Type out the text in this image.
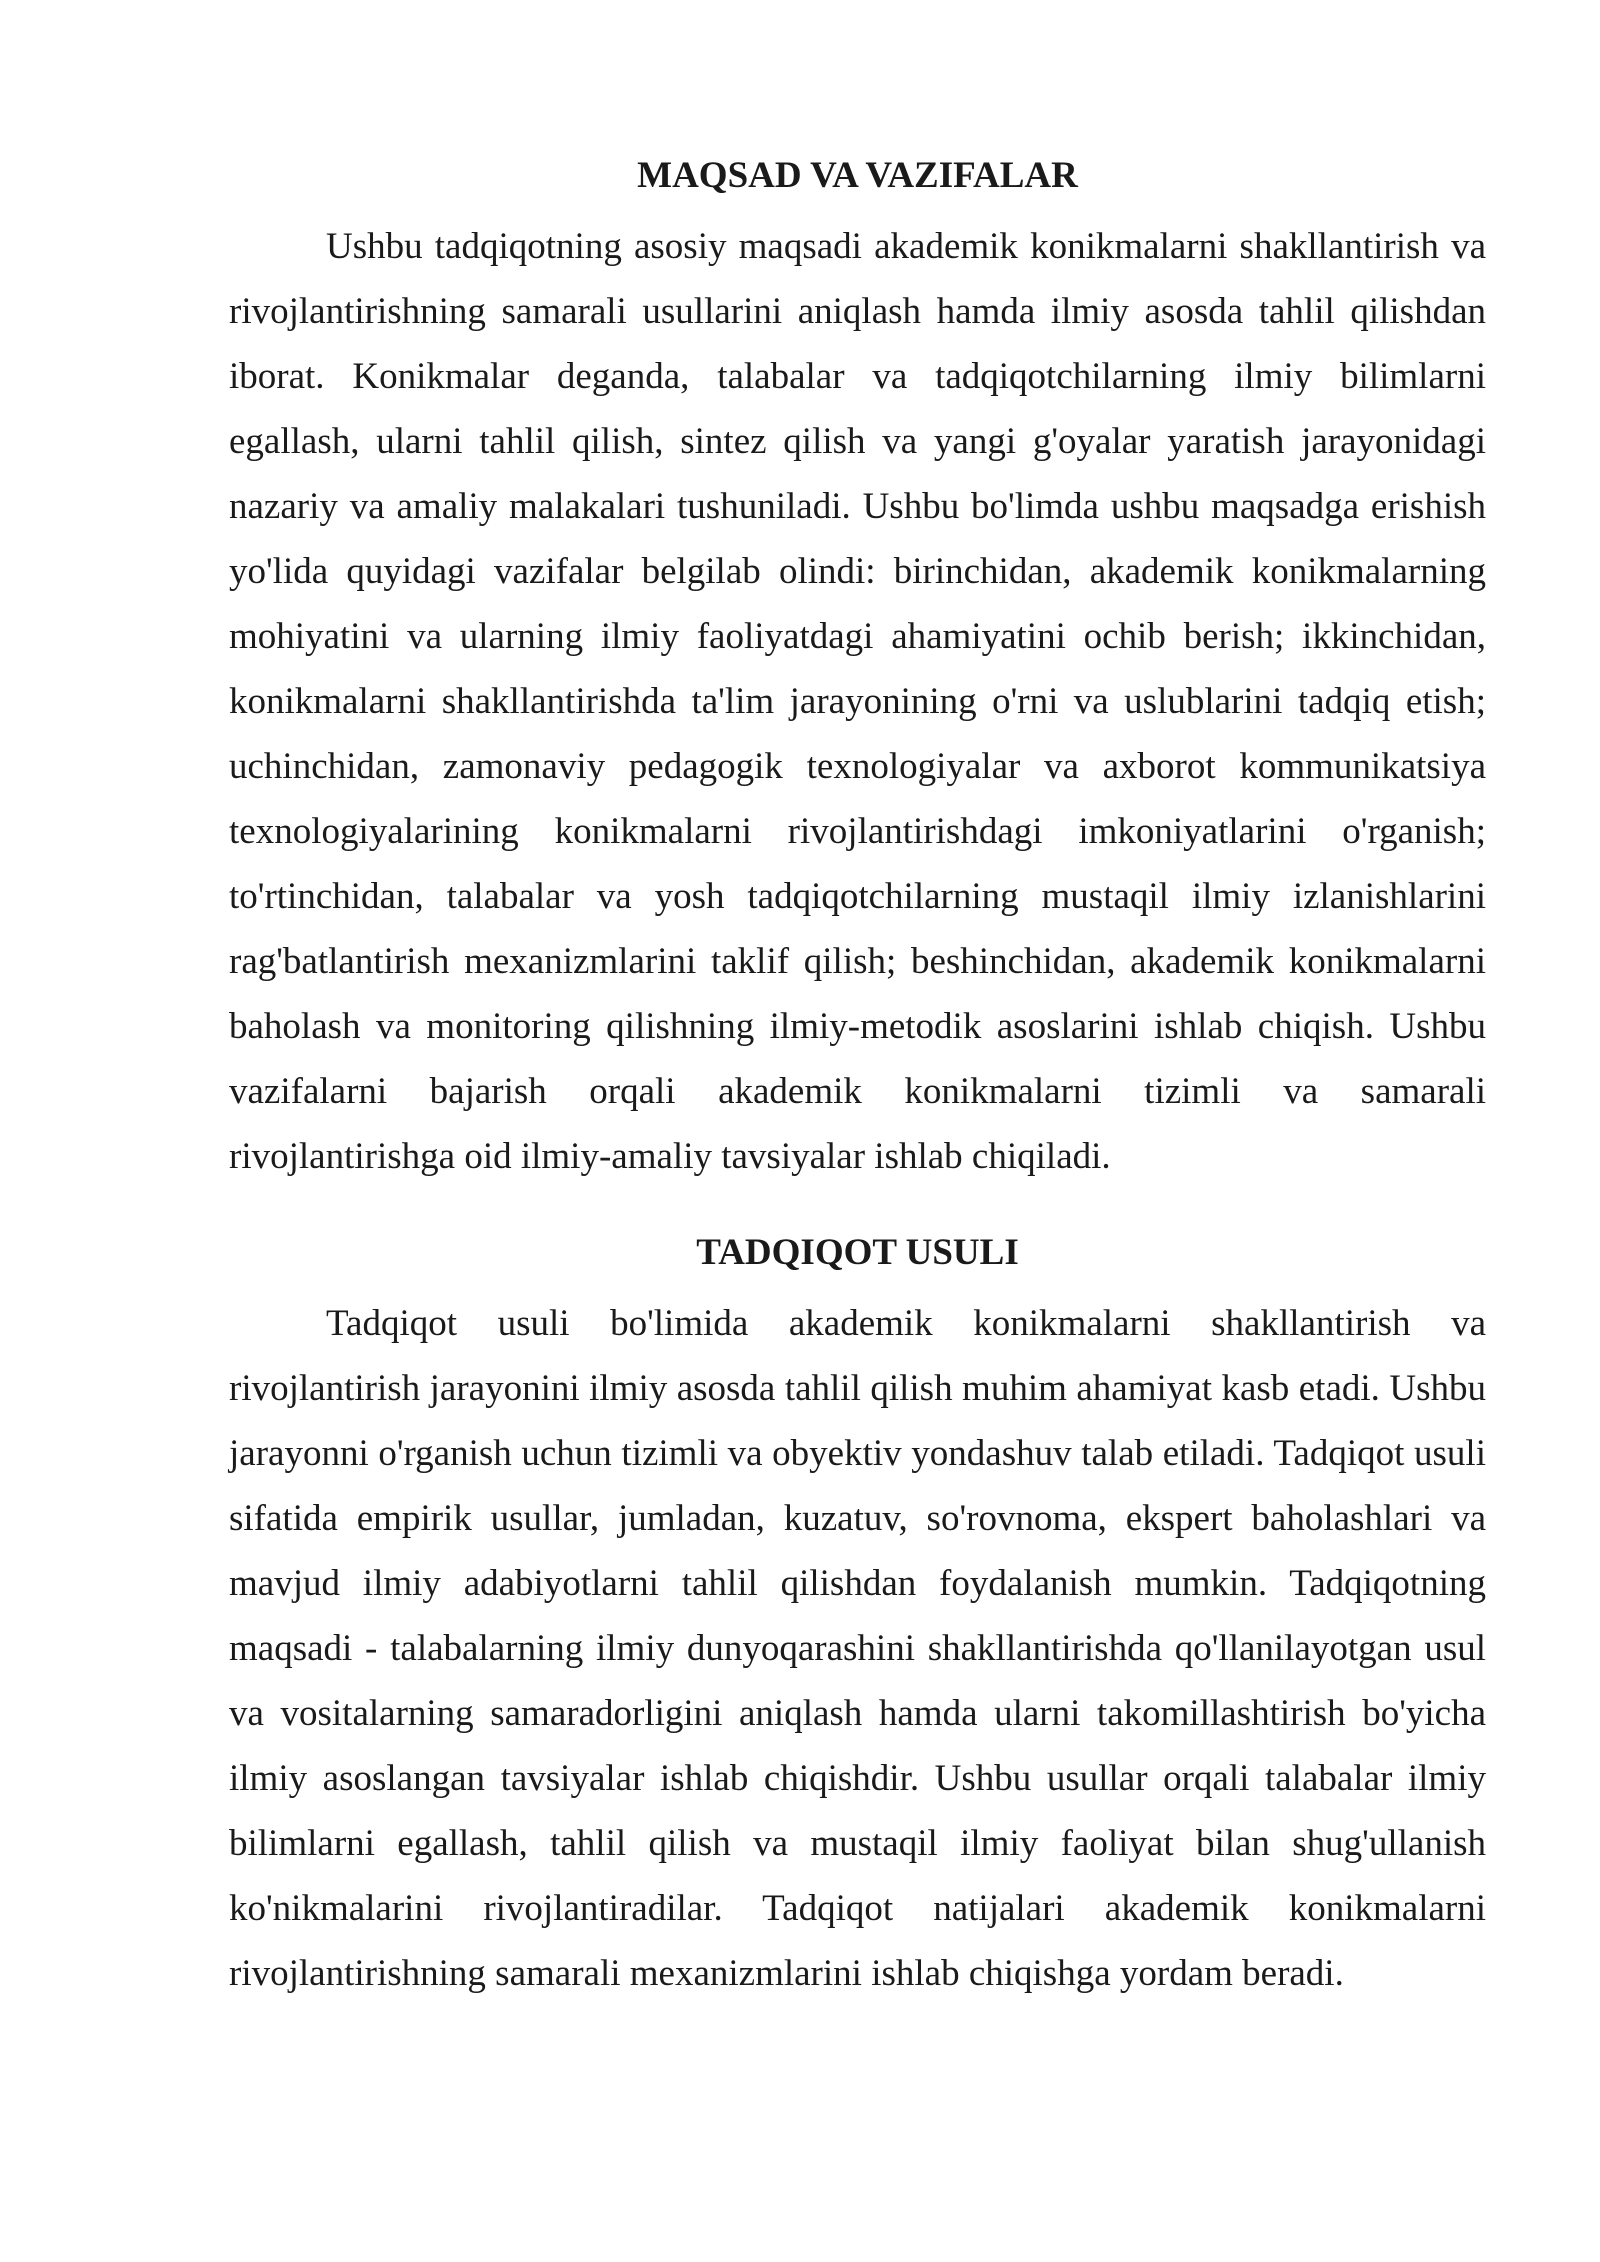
MAQSAD VA VAZIFALAR

Ushbu tadqiqotning asosiy maqsadi akademik konikmalarni shakllantirish va rivojlantirishning samarali usullarini aniqlash hamda ilmiy asosda tahlil qilishdan iborat. Konikmalar deganda, talabalar va tadqiqotchilarning ilmiy bilimlarni egallash, ularni tahlil qilish, sintez qilish va yangi g'oyalar yaratish jarayonidagi nazariy va amaliy malakalari tushuniladi. Ushbu bo'limda ushbu maqsadga erishish yo'lida quyidagi vazifalar belgilab olindi: birinchidan, akademik konikmalarning mohiyatini va ularning ilmiy faoliyatdagi ahamiyatini ochib berish; ikkinchidan, konikmalarni shakllantirishda ta'lim jarayonining o'rni va uslublarini tadqiq etish; uchinchidan, zamonaviy pedagogik texnologiyalar va axborot kommunikatsiya texnologiyalarining konikmalarni rivojlantirishdagi imkoniyatlarini o'rganish; to'rtinchidan, talabalar va yosh tadqiqotchilarning mustaqil ilmiy izlanishlarini rag'batlantirish mexanizmlarini taklif qilish; beshinchidan, akademik konikmalarni baholash va monitoring qilishning ilmiy-metodik asoslarini ishlab chiqish. Ushbu vazifalarni bajarish orqali akademik konikmalarni tizimli va samarali rivojlantirishga oid ilmiy-amaliy tavsiyalar ishlab chiqiladi.

TADQIQOT USULI

Tadqiqot usuli bo'limida akademik konikmalarni shakllantirish va rivojlantirish jarayonini ilmiy asosda tahlil qilish muhim ahamiyat kasb etadi. Ushbu jarayonni o'rganish uchun tizimli va obyektiv yondashuv talab etiladi. Tadqiqot usuli sifatida empirik usullar, jumladan, kuzatuv, so'rovnoma, ekspert baholashlari va mavjud ilmiy adabiyotlarni tahlil qilishdan foydalanish mumkin. Tadqiqotning maqsadi - talabalarning ilmiy dunyoqarashini shakllantirishda qo'llanilayotgan usul va vositalarning samaradorligini aniqlash hamda ularni takomillashtirish bo'yicha ilmiy asoslangan tavsiyalar ishlab chiqishdir. Ushbu usullar orqali talabalar ilmiy bilimlarni egallash, tahlil qilish va mustaqil ilmiy faoliyat bilan shug'ullanish ko'nikmalarini rivojlantiradilar. Tadqiqot natijalari akademik konikmalarni rivojlantirishning samarali mexanizmlarini ishlab chiqishga yordam beradi.
